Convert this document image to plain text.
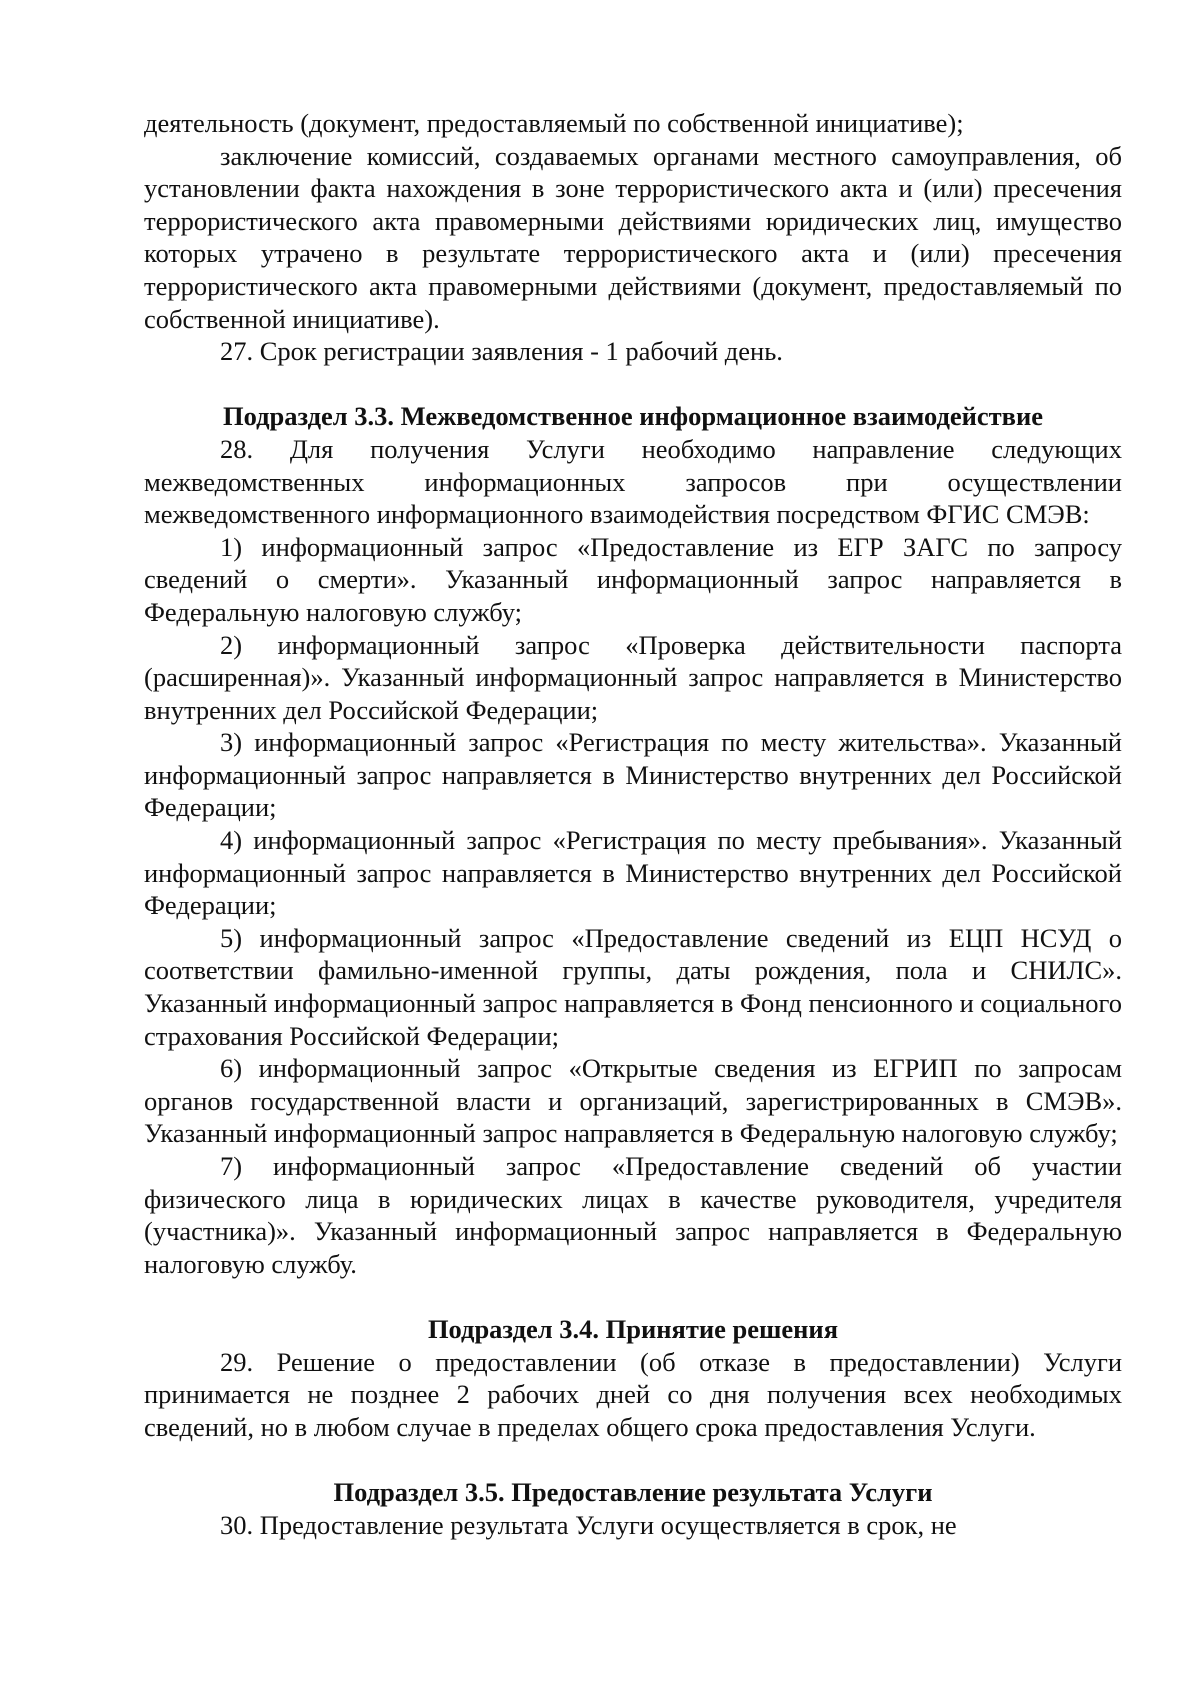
деятельность (документ, предоставляемый по собственной инициативе);

заключение комиссий, создаваемых органами местного самоуправления, об установлении факта нахождения в зоне террористического акта и (или) пресечения террористического акта правомерными действиями юридических лиц, имущество которых утрачено в результате террористического акта и (или) пресечения террористического акта правомерными действиями (документ, предоставляемый по собственной инициативе).

27. Срок регистрации заявления - 1 рабочий день.

Подраздел 3.3. Межведомственное информационное взаимодействие

28. Для получения Услуги необходимо направление следующих межведомственных информационных запросов при осуществлении межведомственного информационного взаимодействия посредством ФГИС СМЭВ:

1) информационный запрос «Предоставление из ЕГР ЗАГС по запросу сведений о смерти». Указанный информационный запрос направляется в Федеральную налоговую службу;

2) информационный запрос «Проверка действительности паспорта (расширенная)». Указанный информационный запрос направляется в Министерство внутренних дел Российской Федерации;

3) информационный запрос «Регистрация по месту жительства». Указанный информационный запрос направляется в Министерство внутренних дел Российской Федерации;

4) информационный запрос «Регистрация по месту пребывания». Указанный информационный запрос направляется в Министерство внутренних дел Российской Федерации;

5) информационный запрос «Предоставление сведений из ЕЦП НСУД о соответствии фамильно-именной группы, даты рождения, пола и СНИЛС». Указанный информационный запрос направляется в Фонд пенсионного и социального страхования Российской Федерации;

6) информационный запрос «Открытые сведения из ЕГРИП по запросам органов государственной власти и организаций, зарегистрированных в СМЭВ». Указанный информационный запрос направляется в Федеральную налоговую службу;

7) информационный запрос «Предоставление сведений об участии физического лица в юридических лицах в качестве руководителя, учредителя (участника)». Указанный информационный запрос направляется в Федеральную налоговую службу.

Подраздел 3.4. Принятие решения

29. Решение о предоставлении (об отказе в предоставлении) Услуги принимается не позднее 2 рабочих дней со дня получения всех необходимых сведений, но в любом случае в пределах общего срока предоставления Услуги.

Подраздел 3.5. Предоставление результата Услуги

30. Предоставление результата Услуги осуществляется в срок, не
